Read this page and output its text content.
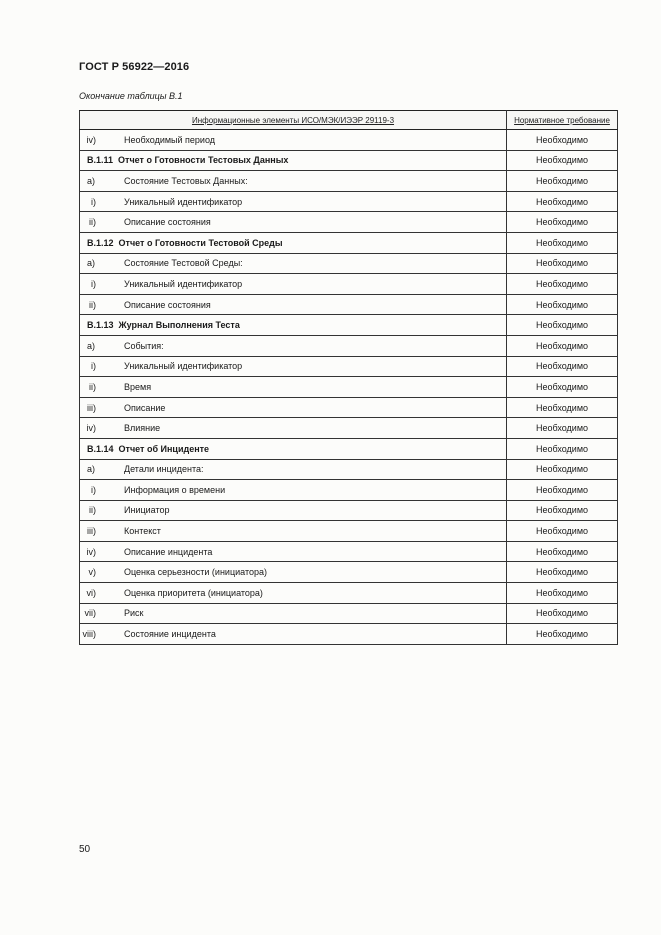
ГОСТ Р 56922—2016
Окончание таблицы В.1
Информационные элементы ИСО/МЭК/ИЭЭР 29119-3	Нормативное требование

iv) Необходимый период	Необходимо

В.1.11 Отчет о Готовности Тестовых Данных	Необходимо

a) Состояние Тестовых Данных:	Необходимо

i) Уникальный идентификатор	Необходимо

ii) Описание состояния	Необходимо

В.1.12 Отчет о Готовности Тестовой Среды	Необходимо

a) Состояние Тестовой Среды:	Необходимо

i) Уникальный идентификатор	Необходимо

ii) Описание состояния	Необходимо

В.1.13 Журнал Выполнения Теста	Необходимо

a) События:	Необходимо

i) Уникальный идентификатор	Необходимо

ii) Время	Необходимо

iii) Описание	Необходимо

iv) Влияние	Необходимо

В.1.14 Отчет об Инциденте	Необходимо

a) Детали инцидента:	Необходимо

i) Информация о времени	Необходимо

ii) Инициатор	Необходимо

iii) Контекст	Необходимо

iv) Описание инцидента	Необходимо

v) Оценка серьезности (инициатора)	Необходимо

vi) Оценка приоритета (инициатора)	Необходимо

vii) Риск	Необходимо

viii) Состояние инцидента	Необходимо
50
